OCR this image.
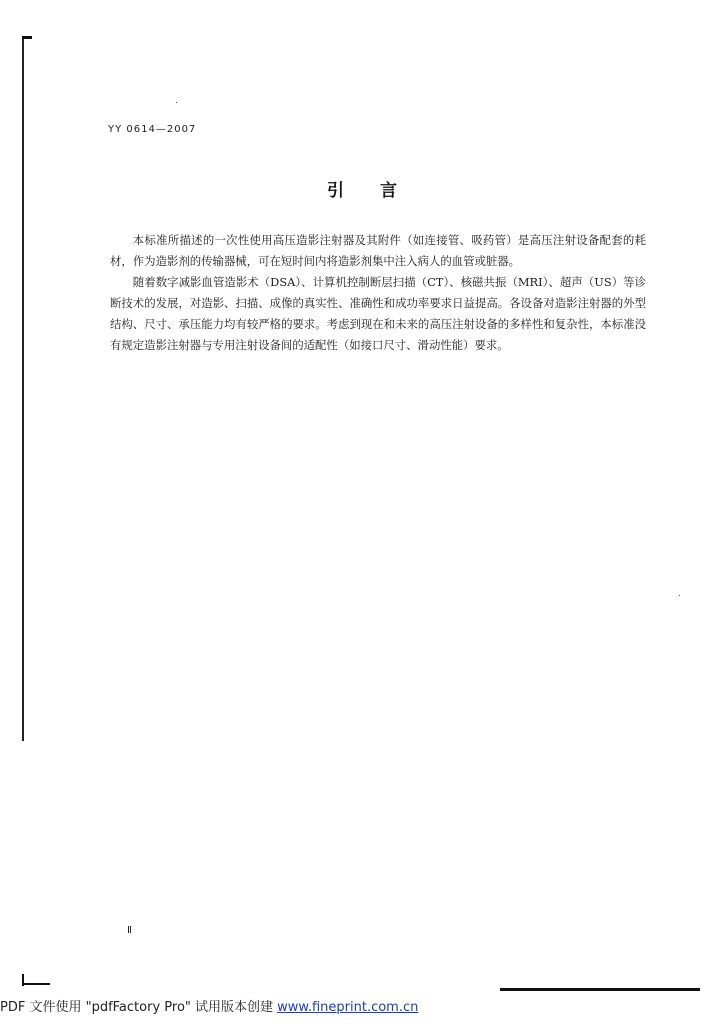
YY 0614—2007
引言

本标准所描述的一次性使用高压造影注射器及其附件（如连接管、吸药管）是高压注射设备配套的耗材，作为造影剂的传输器械，可在短时间内将造影剂集中注入病人的血管或脏器。

随着数字减影血管造影术（DSA）、计算机控制断层扫描（CT）、核磁共振（MRI）、超声（US）等诊断技术的发展，对造影、扫描、成像的真实性、准确性和成功率要求日益提高。各设备对造影注射器的外型结构、尺寸、承压能力均有较严格的要求。考虑到现在和未来的高压注射设备的多样性和复杂性，本标准没有规定造影注射器与专用注射设备间的适配性（如接口尺寸、滑动性能）要求。

Ⅱ
PDF 文件使用 "pdfFactory Pro" 试用版本创建 www.fineprint.com.cn
